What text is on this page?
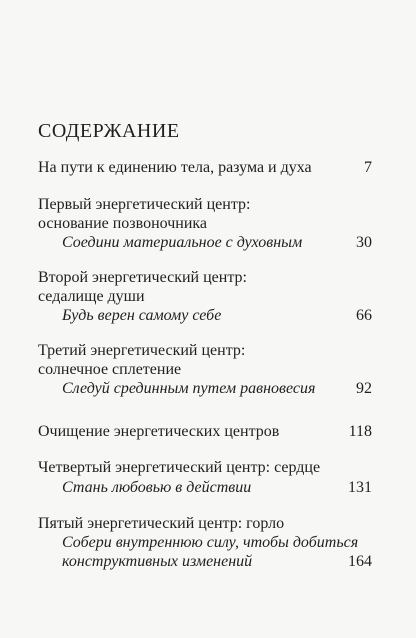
СОДЕРЖАНИЕ
На пути к единению тела, разума и духа	7
Первый энергетический центр:
основание позвоночника
Соедини материальное с духовным	30
Второй энергетический центр:
седалище души
Будь верен самому себе	66
Третий энергетический центр:
солнечное сплетение
Следуй срединным путем равновесия	92
Очищение энергетических центров	118
Четвертый энергетический центр: сердце
Стань любовью в действии	131
Пятый энергетический центр: горло
Собери внутреннюю силу, чтобы добиться
конструктивных изменений	164
